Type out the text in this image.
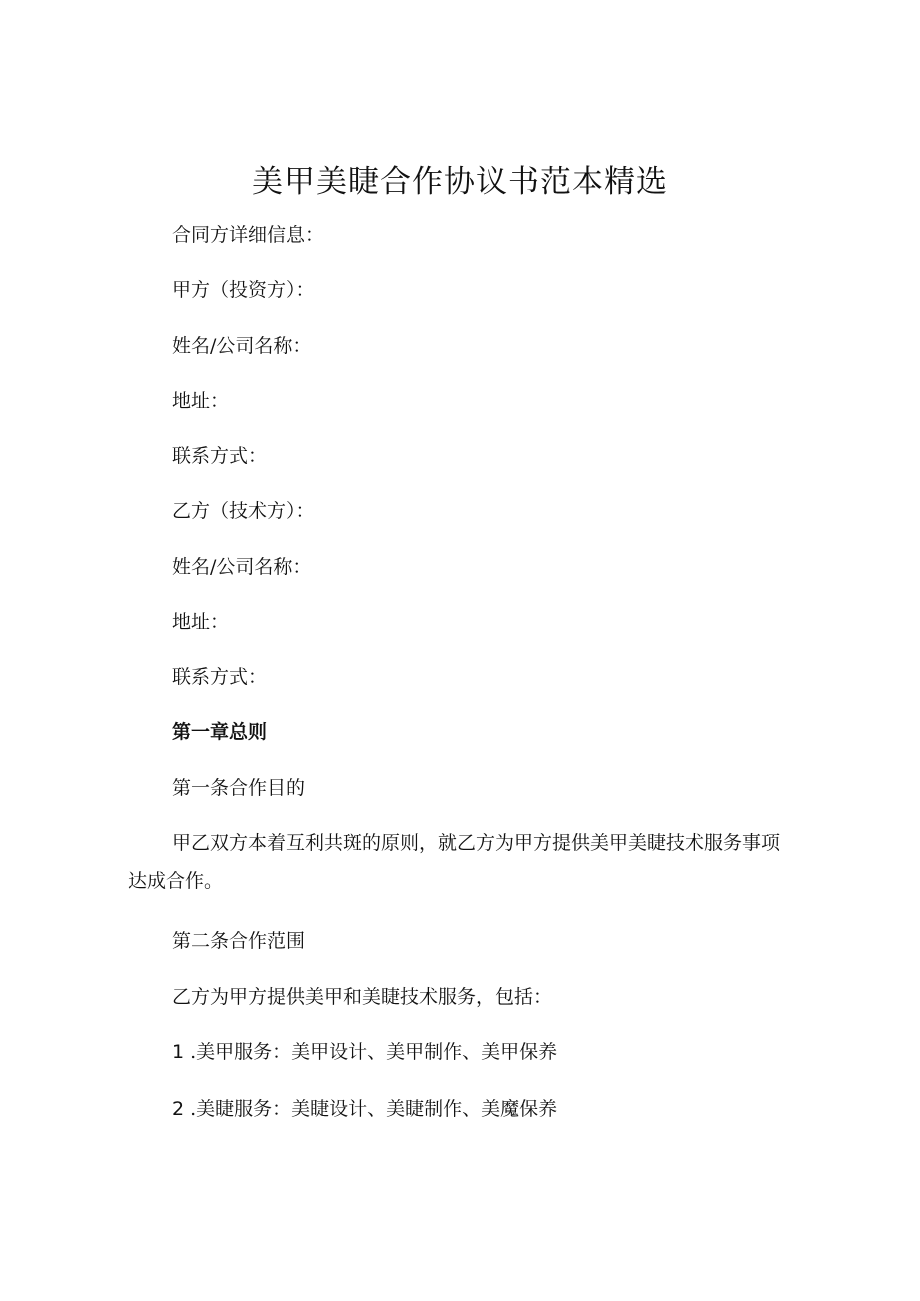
美甲美睫合作协议书范本精选

合同方详细信息：

甲方（投资方）：

姓名/公司名称：

地址：

联系方式：

乙方（技术方）：

姓名/公司名称：

地址：

联系方式：

第一章总则

第一条合作目的

甲乙双方本着互利共斑的原则，就乙方为甲方提供美甲美睫技术服务事项达成合作。

第二条合作范围

乙方为甲方提供美甲和美睫技术服务，包括：

1 .美甲服务：美甲设计、美甲制作、美甲保养

2 .美睫服务：美睫设计、美睫制作、美魔保养
